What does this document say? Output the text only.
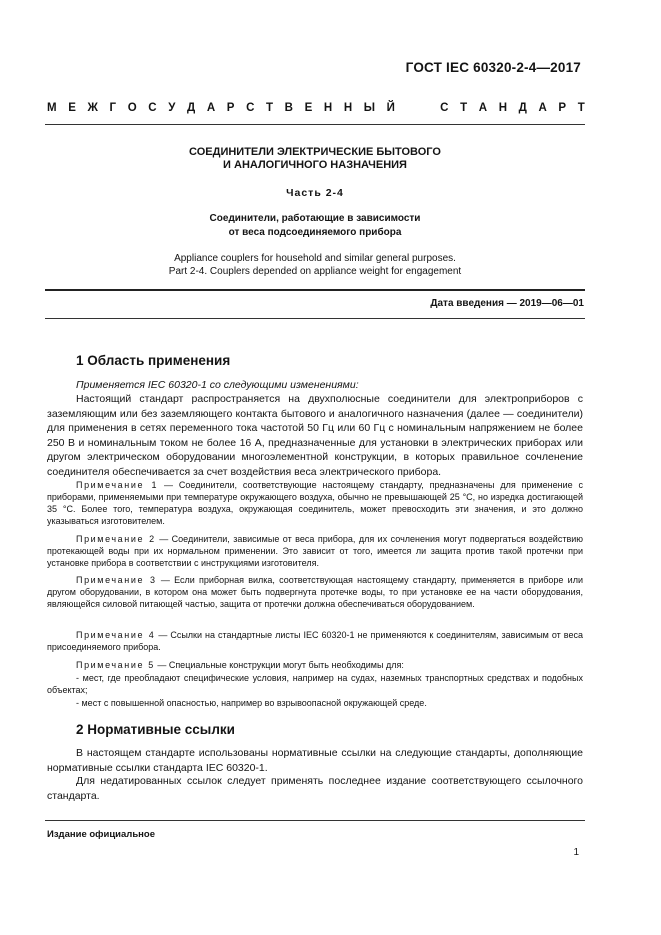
ГОСТ IEC 60320-2-4—2017
М Е Ж Г О С У Д А Р С Т В Е Н Н Ы Й	С Т А Н Д А Р Т
СОЕДИНИТЕЛИ ЭЛЕКТРИЧЕСКИЕ БЫТОВОГО
И АНАЛОГИЧНОГО НАЗНАЧЕНИЯ
Часть 2-4
Соединители, работающие в зависимости
от веса подсоединяемого прибора
Appliance couplers for household and similar general purposes.
Part 2-4. Couplers depended on appliance weight for engagement
Дата введения — 2019—06—01
1 Область применения
Применяется IEC 60320-1 со следующими изменениями:
Настоящий стандарт распространяется на двухполюсные соединители для электроприборов с заземляющим или без заземляющего контакта бытового и аналогичного назначения (далее — соединители) для применения в сетях переменного тока частотой 50 Гц или 60 Гц с номинальным напряжением не более 250 В и номинальным током не более 16 А, предназначенные для установки в электрических приборах или другом электрическом оборудовании многоэлементной конструкции, в которых правильное сочленение соединителя обеспечивается за счет воздействия веса электрического прибора.
Примечание 1 — Соединители, соответствующие настоящему стандарту, предназначены для применение с приборами, применяемыми при температуре окружающего воздуха, обычно не превышающей 25 °С, но изредка достигающей 35 °С. Более того, температура воздуха, окружающая соединитель, может превосходить эти значения, и это должно указываться изготовителем.
Примечание 2 — Соединители, зависимые от веса прибора, для их сочленения могут подвергаться воздействию протекающей воды при их нормальном применении. Это зависит от того, имеется ли защита против такой протечки при установке прибора в соответствии с инструкциями изготовителя.
Примечание 3 — Если приборная вилка, соответствующая настоящему стандарту, применяется в приборе или другом оборудовании, в котором она может быть подвергнута протечке воды, то при установке ее на части оборудования, являющейся силовой питающей частью, защита от протечки должна обеспечиваться оборудованием.
Примечание 4 — Ссылки на стандартные листы IEC 60320-1 не применяются к соединителям, зависимым от веса присоединяемого прибора.
Примечание 5 — Специальные конструкции могут быть необходимы для:
- мест, где преобладают специфические условия, например на судах, наземных транспортных средствах и подобных объектах;
- мест с повышенной опасностью, например во взрывоопасной окружающей среде.
2 Нормативные ссылки
В настоящем стандарте использованы нормативные ссылки на следующие стандарты, дополняющие нормативные ссылки стандарта IEC 60320-1.
Для недатированных ссылок следует применять последнее издание соответствующего ссылочного стандарта.
Издание официальное
1
